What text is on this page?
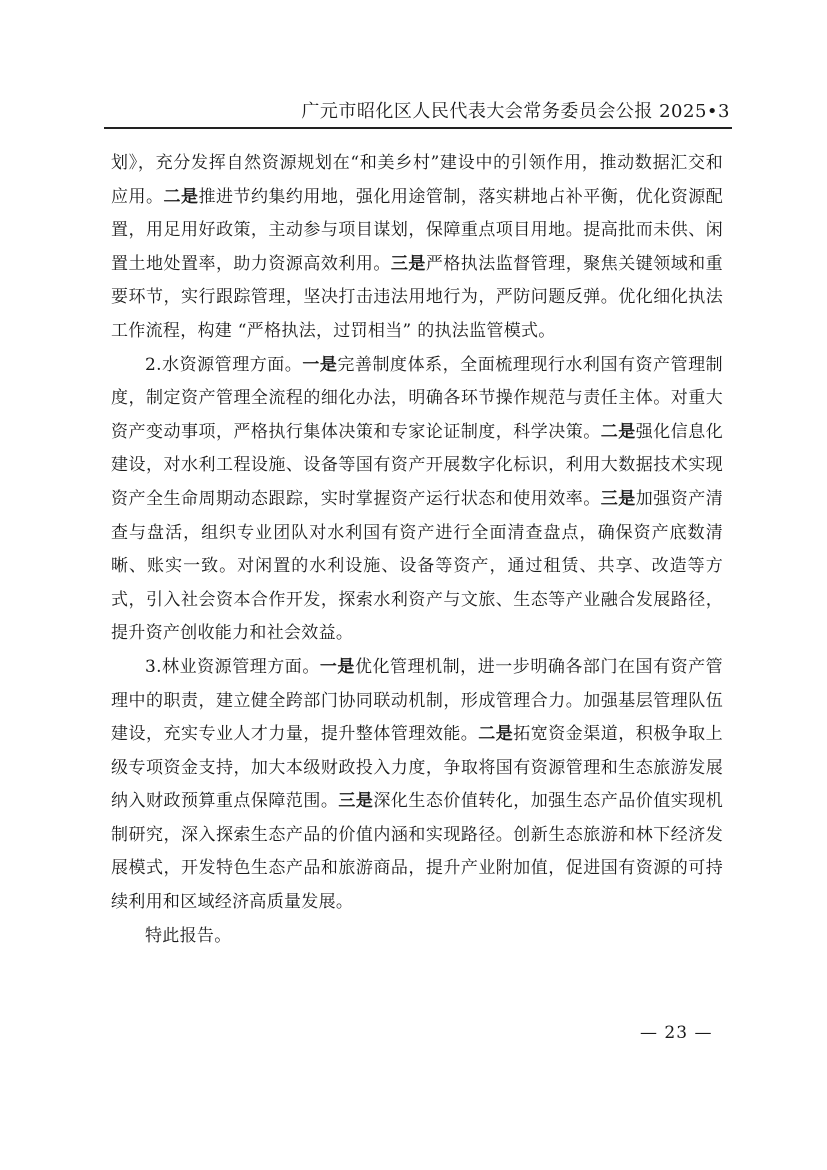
广元市昭化区人民代表大会常务委员会公报 2025•3

划》，充分发挥自然资源规划在“和美乡村”建设中的引领作用，推动数据汇交和应用。二是推进节约集约用地，强化用途管制，落实耕地占补平衡，优化资源配置，用足用好政策，主动参与项目谋划，保障重点项目用地。提高批而未供、闲置土地处置率，助力资源高效利用。三是严格执法监督管理，聚焦关键领域和重要环节，实行跟踪管理，坚决打击违法用地行为，严防问题反弹。优化细化执法工作流程，构建 “严格执法，过罚相当” 的执法监管模式。

2.水资源管理方面。一是完善制度体系，全面梳理现行水利国有资产管理制度，制定资产管理全流程的细化办法，明确各环节操作规范与责任主体。对重大资产变动事项，严格执行集体决策和专家论证制度，科学决策。二是强化信息化建设，对水利工程设施、设备等国有资产开展数字化标识，利用大数据技术实现资产全生命周期动态跟踪，实时掌握资产运行状态和使用效率。三是加强资产清查与盘活，组织专业团队对水利国有资产进行全面清查盘点，确保资产底数清晰、账实一致。对闲置的水利设施、设备等资产，通过租赁、共享、改造等方式，引入社会资本合作开发，探索水利资产与文旅、生态等产业融合发展路径，提升资产创收能力和社会效益。

3.林业资源管理方面。一是优化管理机制，进一步明确各部门在国有资产管理中的职责，建立健全跨部门协同联动机制，形成管理合力。加强基层管理队伍建设，充实专业人才力量，提升整体管理效能。二是拓宽资金渠道，积极争取上级专项资金支持，加大本级财政投入力度，争取将国有资源管理和生态旅游发展纳入财政预算重点保障范围。三是深化生态价值转化，加强生态产品价值实现机制研究，深入探索生态产品的价值内涵和实现路径。创新生态旅游和林下经济发展模式，开发特色生态产品和旅游商品，提升产业附加值，促进国有资源的可持续利用和区域经济高质量发展。

特此报告。

— 23 —
